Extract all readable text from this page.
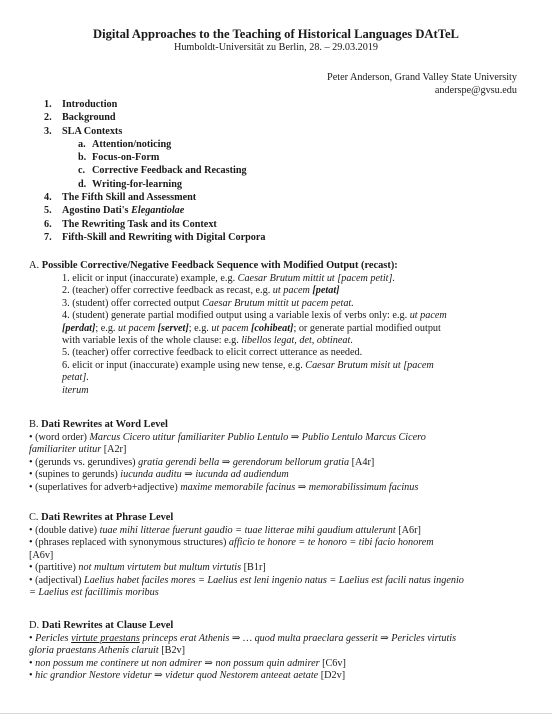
Digital Approaches to the Teaching of Historical Languages DAtTeL
Humboldt-Universität zu Berlin, 28. – 29.03.2019
Peter Anderson, Grand Valley State University
anderspe@gvsu.edu
1. Introduction
2. Background
3. SLA Contexts
a. Attention/noticing
b. Focus-on-Form
c. Corrective Feedback and Recasting
d. Writing-for-learning
4. The Fifth Skill and Assessment
5. Agostino Dati's Elegantiolae
6. The Rewriting Task and its Context
7. Fifth-Skill and Rewriting with Digital Corpora
A. Possible Corrective/Negative Feedback Sequence with Modified Output (recast):
1. elicit or input (inaccurate) example, e.g. Caesar Brutum mittit ut [pacem petit].
2. (teacher) offer corrective feedback as recast, e.g. ut pacem [petat]
3. (student) offer corrected output Caesar Brutum mittit ut pacem petat.
4. (student) generate partial modified output using a variable lexis of verbs only: e.g. ut pacem
[perdat]; e.g. ut pacem [servet]; e.g. ut pacem [cohibeat]; or generate partial modified output
with variable lexis of the whole clause: e.g. libellos legat, det, obtineat.
5. (teacher) offer corrective feedback to elicit correct utterance as needed.
6. elicit or input (inaccurate) example using new tense, e.g. Caesar Brutum misit ut [pacem
petat].
iterum
B. Dati Rewrites at Word Level
• (word order) Marcus Cicero utitur familiariter Publio Lentulo ⇒ Publio Lentulo Marcus Cicero
familiariter utitur [A2r]
• (gerunds vs. gerundives) gratia gerendi bella ⇒ gerendorum bellorum gratia [A4r]
• (supines to gerunds) iucunda auditu ⇒ iucunda ad audiendum
• (superlatives for adverb+adjective) maxime memorabile facinus ⇒ memorabilissimum facinus
C. Dati Rewrites at Phrase Level
• (double dative) tuae mihi litterae fuerunt gaudio = tuae litterae mihi gaudium attulerunt [A6r]
• (phrases replaced with synonymous structures) afficio te honore = te honoro = tibi facio honorem
[A6v]
• (partitive) not multum virtutem but multum virtutis [B1r]
• (adjectival) Laelius habet faciles mores = Laelius est leni ingenio natus = Laelius est facili natus ingenio
= Laelius est facillimis moribus
D. Dati Rewrites at Clause Level
• Pericles virtute praestans princeps erat Athenis ⇒ … quod multa praeclara gesserit ⇒ Pericles virtutis
gloria praestans Athenis claruit [B2v]
• non possum me continere ut non admirer ⇒ non possum quin admirer [C6v]
• hic grandior Nestore videtur ⇒ videtur quod Nestorem anteeat aetate [D2v]
